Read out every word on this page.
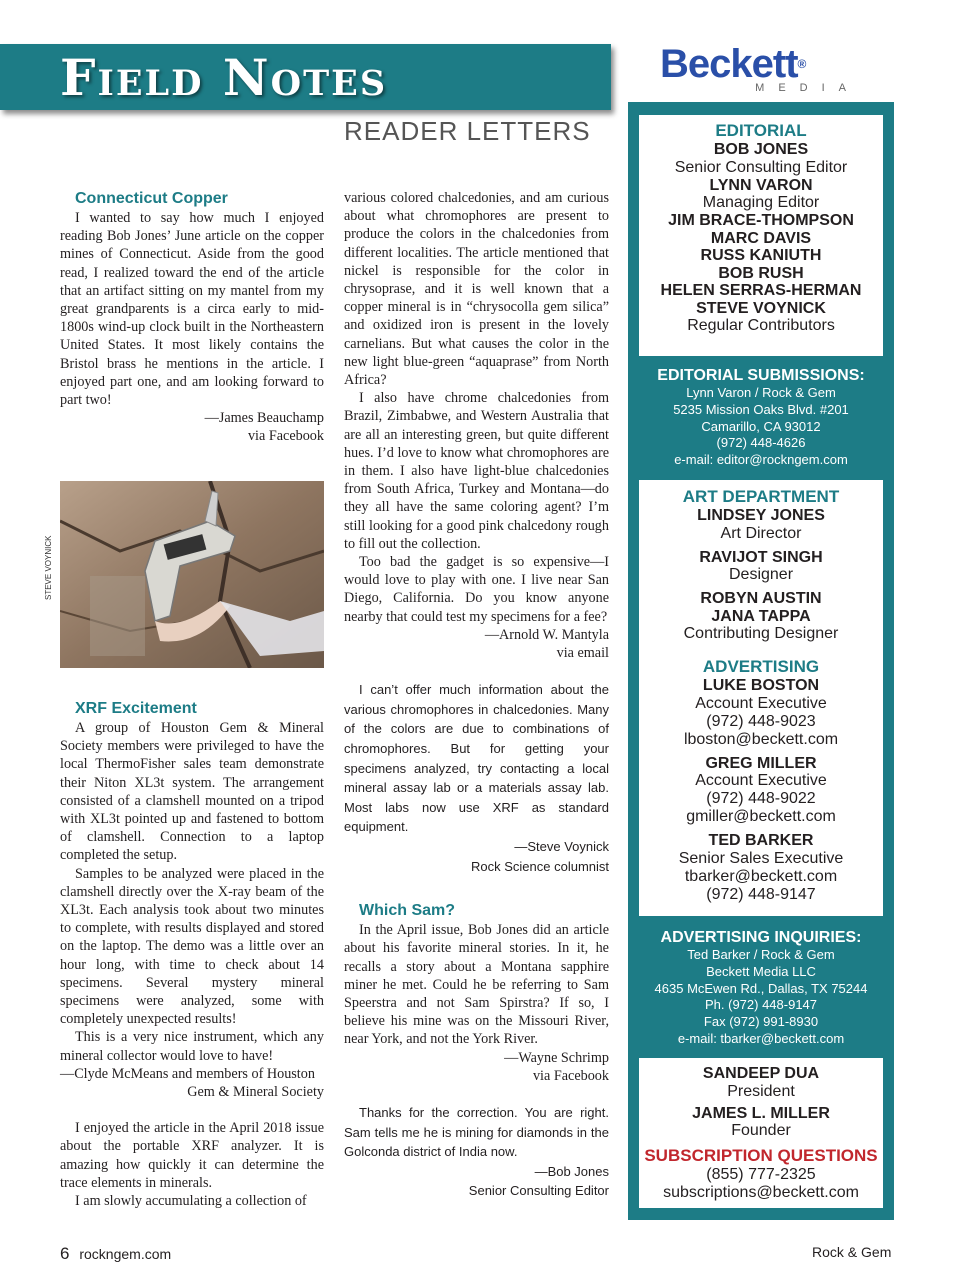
Field Notes
READER LETTERS
Beckett®
MEDIA

Connecticut Copper

I wanted to say how much I enjoyed reading Bob Jones’ June article on the copper mines of Connecticut. Aside from the good read, I realized toward the end of the article that an artifact sitting on my mantel from my great grandparents is a circa early to mid-1800s wind-up clock built in the Northeastern United States. It most likely contains the Bristol brass he mentions in the article. I enjoyed part one, and am looking forward to part two!

—James Beauchamp

via Facebook

STEVE VOYNICK

XRF Excitement

A group of Houston Gem & Mineral Society members were privileged to have the local ThermoFisher sales team demonstrate their Niton XL3t system. The arrangement consisted of a clamshell mounted on a tripod with XL3t pointed up and fastened to bottom of clamshell. Connection to a laptop completed the setup.

Samples to be analyzed were placed in the clamshell directly over the X-ray beam of the XL3t. Each analysis took about two minutes to complete, with results displayed and stored on the laptop. The demo was a little over an hour long, with time to check about 14 specimens. Several mystery mineral specimens were analyzed, some with completely unexpected results!

This is a very nice instrument, which any mineral collector would love to have!

—Clyde McMeans and members of Houston

Gem & Mineral Society

I enjoyed the article in the April 2018 issue about the portable XRF analyzer. It is amazing how quickly it can determine the trace elements in minerals.

I am slowly accumulating a collection of

various colored chalcedonies, and am curious about what chromophores are present to produce the colors in the chalcedonies from different localities. The article mentioned that nickel is responsible for the color in chrysoprase, and it is well known that a copper mineral is in “chrysocolla gem silica” and oxidized iron is present in the lovely carnelians. But what causes the color in the new light blue-green “aquaprase” from North Africa?

I also have chrome chalcedonies from Brazil, Zimbabwe, and Western Australia that are all an interesting green, but quite different hues. I’d love to know what chromophores are in them. I also have light-blue chalcedonies from South Africa, Turkey and Montana—do they all have the same coloring agent? I’m still looking for a good pink chalcedony rough to fill out the collection.

Too bad the gadget is so expensive—I would love to play with one. I live near San Diego, California. Do you know anyone nearby that could test my specimens for a fee?

—Arnold W. Mantyla

via email

I can’t offer much information about the various chromophores in chalcedonies. Many of the colors are due to combinations of chromophores. But for getting your specimens analyzed, try contacting a local mineral assay lab or a materials assay lab. Most labs now use XRF as standard equipment.

—Steve Voynick

Rock Science columnist

Which Sam?

In the April issue, Bob Jones did an article about his favorite mineral stories. In it, he recalls a story about a Montana sapphire miner he met. Could he be referring to Sam Speerstra and not Sam Spirstra? If so, I believe his mine was on the Missouri River, near York, and not the York River.

—Wayne Schrimp

via Facebook

Thanks for the correction. You are right. Sam tells me he is mining for diamonds in the Golconda district of India now.

—Bob Jones

Senior Consulting Editor

EDITORIAL
BOB JONES
Senior Consulting Editor
LYNN VARON
Managing Editor
JIM BRACE-THOMPSON
MARC DAVIS
RUSS KANIUTH
BOB RUSH
HELEN SERRAS-HERMAN
STEVE VOYNICK
Regular Contributors
EDITORIAL SUBMISSIONS:
Lynn Varon / Rock & Gem
5235 Mission Oaks Blvd. #201
Camarillo, CA 93012
(972) 448-4626
e-mail: editor@rockngem.com
ART DEPARTMENT
LINDSEY JONES
Art Director
RAVIJOT SINGH
Designer
ROBYN AUSTIN
JANA TAPPA
Contributing Designer
ADVERTISING
LUKE BOSTON
Account Executive
(972) 448-9023
lboston@beckett.com
GREG MILLER
Account Executive
(972) 448-9022
gmiller@beckett.com
TED BARKER
Senior Sales Executive
tbarker@beckett.com
(972) 448-9147
ADVERTISING INQUIRIES:
Ted Barker / Rock & Gem
Beckett Media LLC
4635 McEwen Rd., Dallas, TX 75244
Ph. (972) 448-9147
Fax (972) 991-8930
e-mail: tbarker@beckett.com
SANDEEP DUA
President
JAMES L. MILLER
Founder
SUBSCRIPTION QUESTIONS
(855) 777-2325
subscriptions@beckett.com
6 rockngem.com	Rock & Gem
